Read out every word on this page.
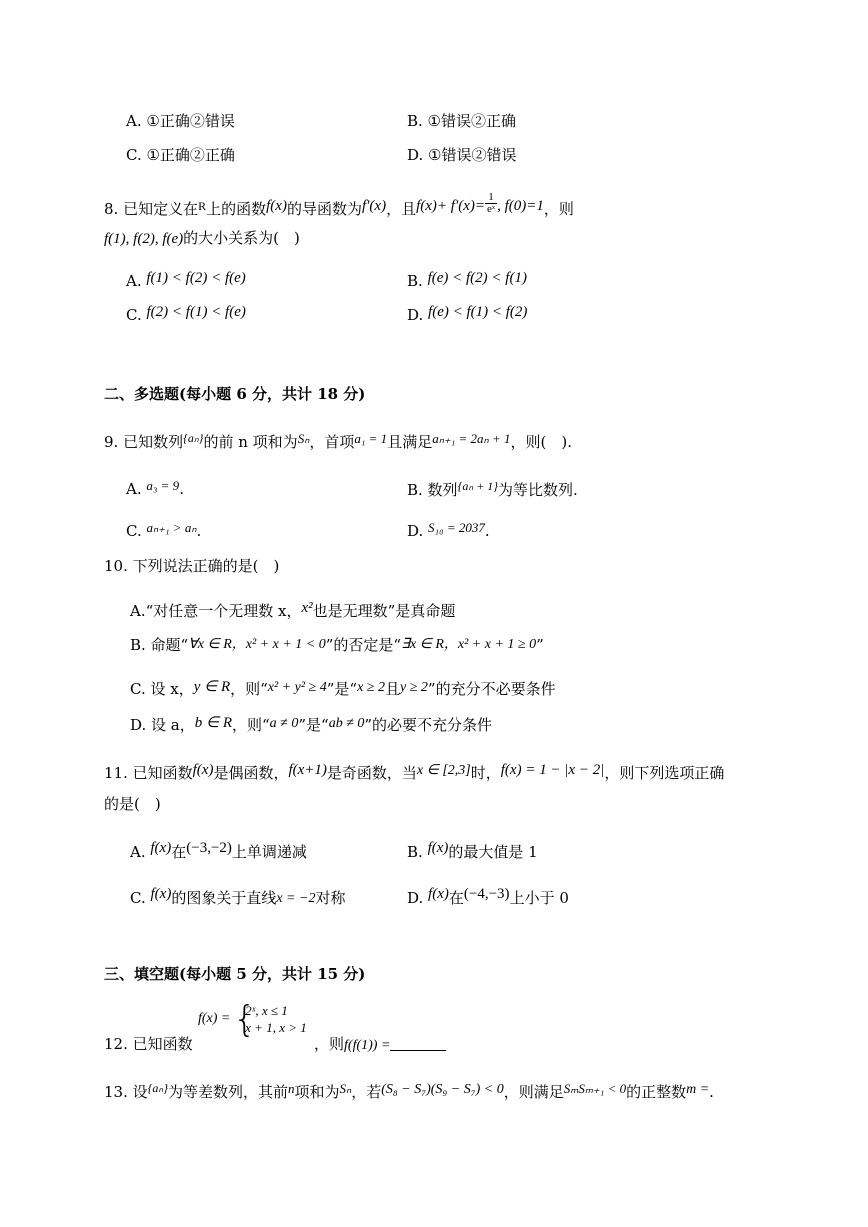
A. ①正确②错误	B. ①错误②正确
C. ①正确②正确	D. ①错误②错误
8. 已知定义在$^R$上的函数f(x)的导函数为f′(x)，且$f(x)+ f'(x)= \frac{1}{\text{eˣ}}$ , f(0)=1，则
f(1), f(2), f(e)的大小关系为(　)
A. f(1) < f(2) < f(e)	B. f(e) < f(2) < f(1)
C. f(2) < f(1) < f(e)	D. f(e) < f(1) < f(2)
二、多选题(每小题 6 分，共计 18 分)
9. 已知数列$^{\{a_n\}}$的前 n 项和为Sₙ，首项a₁ = 1且满足aₙ₊₁ = 2aₙ + 1，则(　).
A. a₃ = 9.	B. 数列$^{\{a_n + 1\}}$为等比数列.
C. aₙ₊₁ > aₙ.	D. S₁₀ = 2037.
10. 下列说法正确的是(　)
A.“对任意一个无理数 x，x²也是无理数”是真命题
B. 命题“∀x ∈ R，x² + x + 1 < 0”的否定是“∃x ∈ R，x² + x + 1 ≥ 0”
C. 设 x，y ∈ R，则“x² + y² ≥ 4”是“x ≥ 2且y ≥ 2”的充分不必要条件
D. 设 a，b ∈ R，则“a ≠ 0”是“ab ≠ 0”的必要不充分条件
11. 已知函数f(x)是偶函数，f(x+1)是奇函数，当x ∈ [2,3]时，f(x) = 1 − |x − 2|，则下列选项正确
的是(　)
A. f(x)在(−3,−2)上单调递减	B. f(x)的最大值是 1
C. f(x)的图象关于直线x = −2对称	D. f(x)在(−4,−3)上小于 0
三、填空题(每小题 5 分，共计 15 分)
12. 已知函数
f(x) =
{ 2ˣ, x ≤ 1
x + 1, x > 1
，则f(f(1)) =
13. 设$^{\{a_n\}}$为等差数列，其前n项和为Sₙ，若(S₈ − S₇)(S₉ − S₇) < 0，则满足SₘSₘ₊₁ < 0的正整数m =.
